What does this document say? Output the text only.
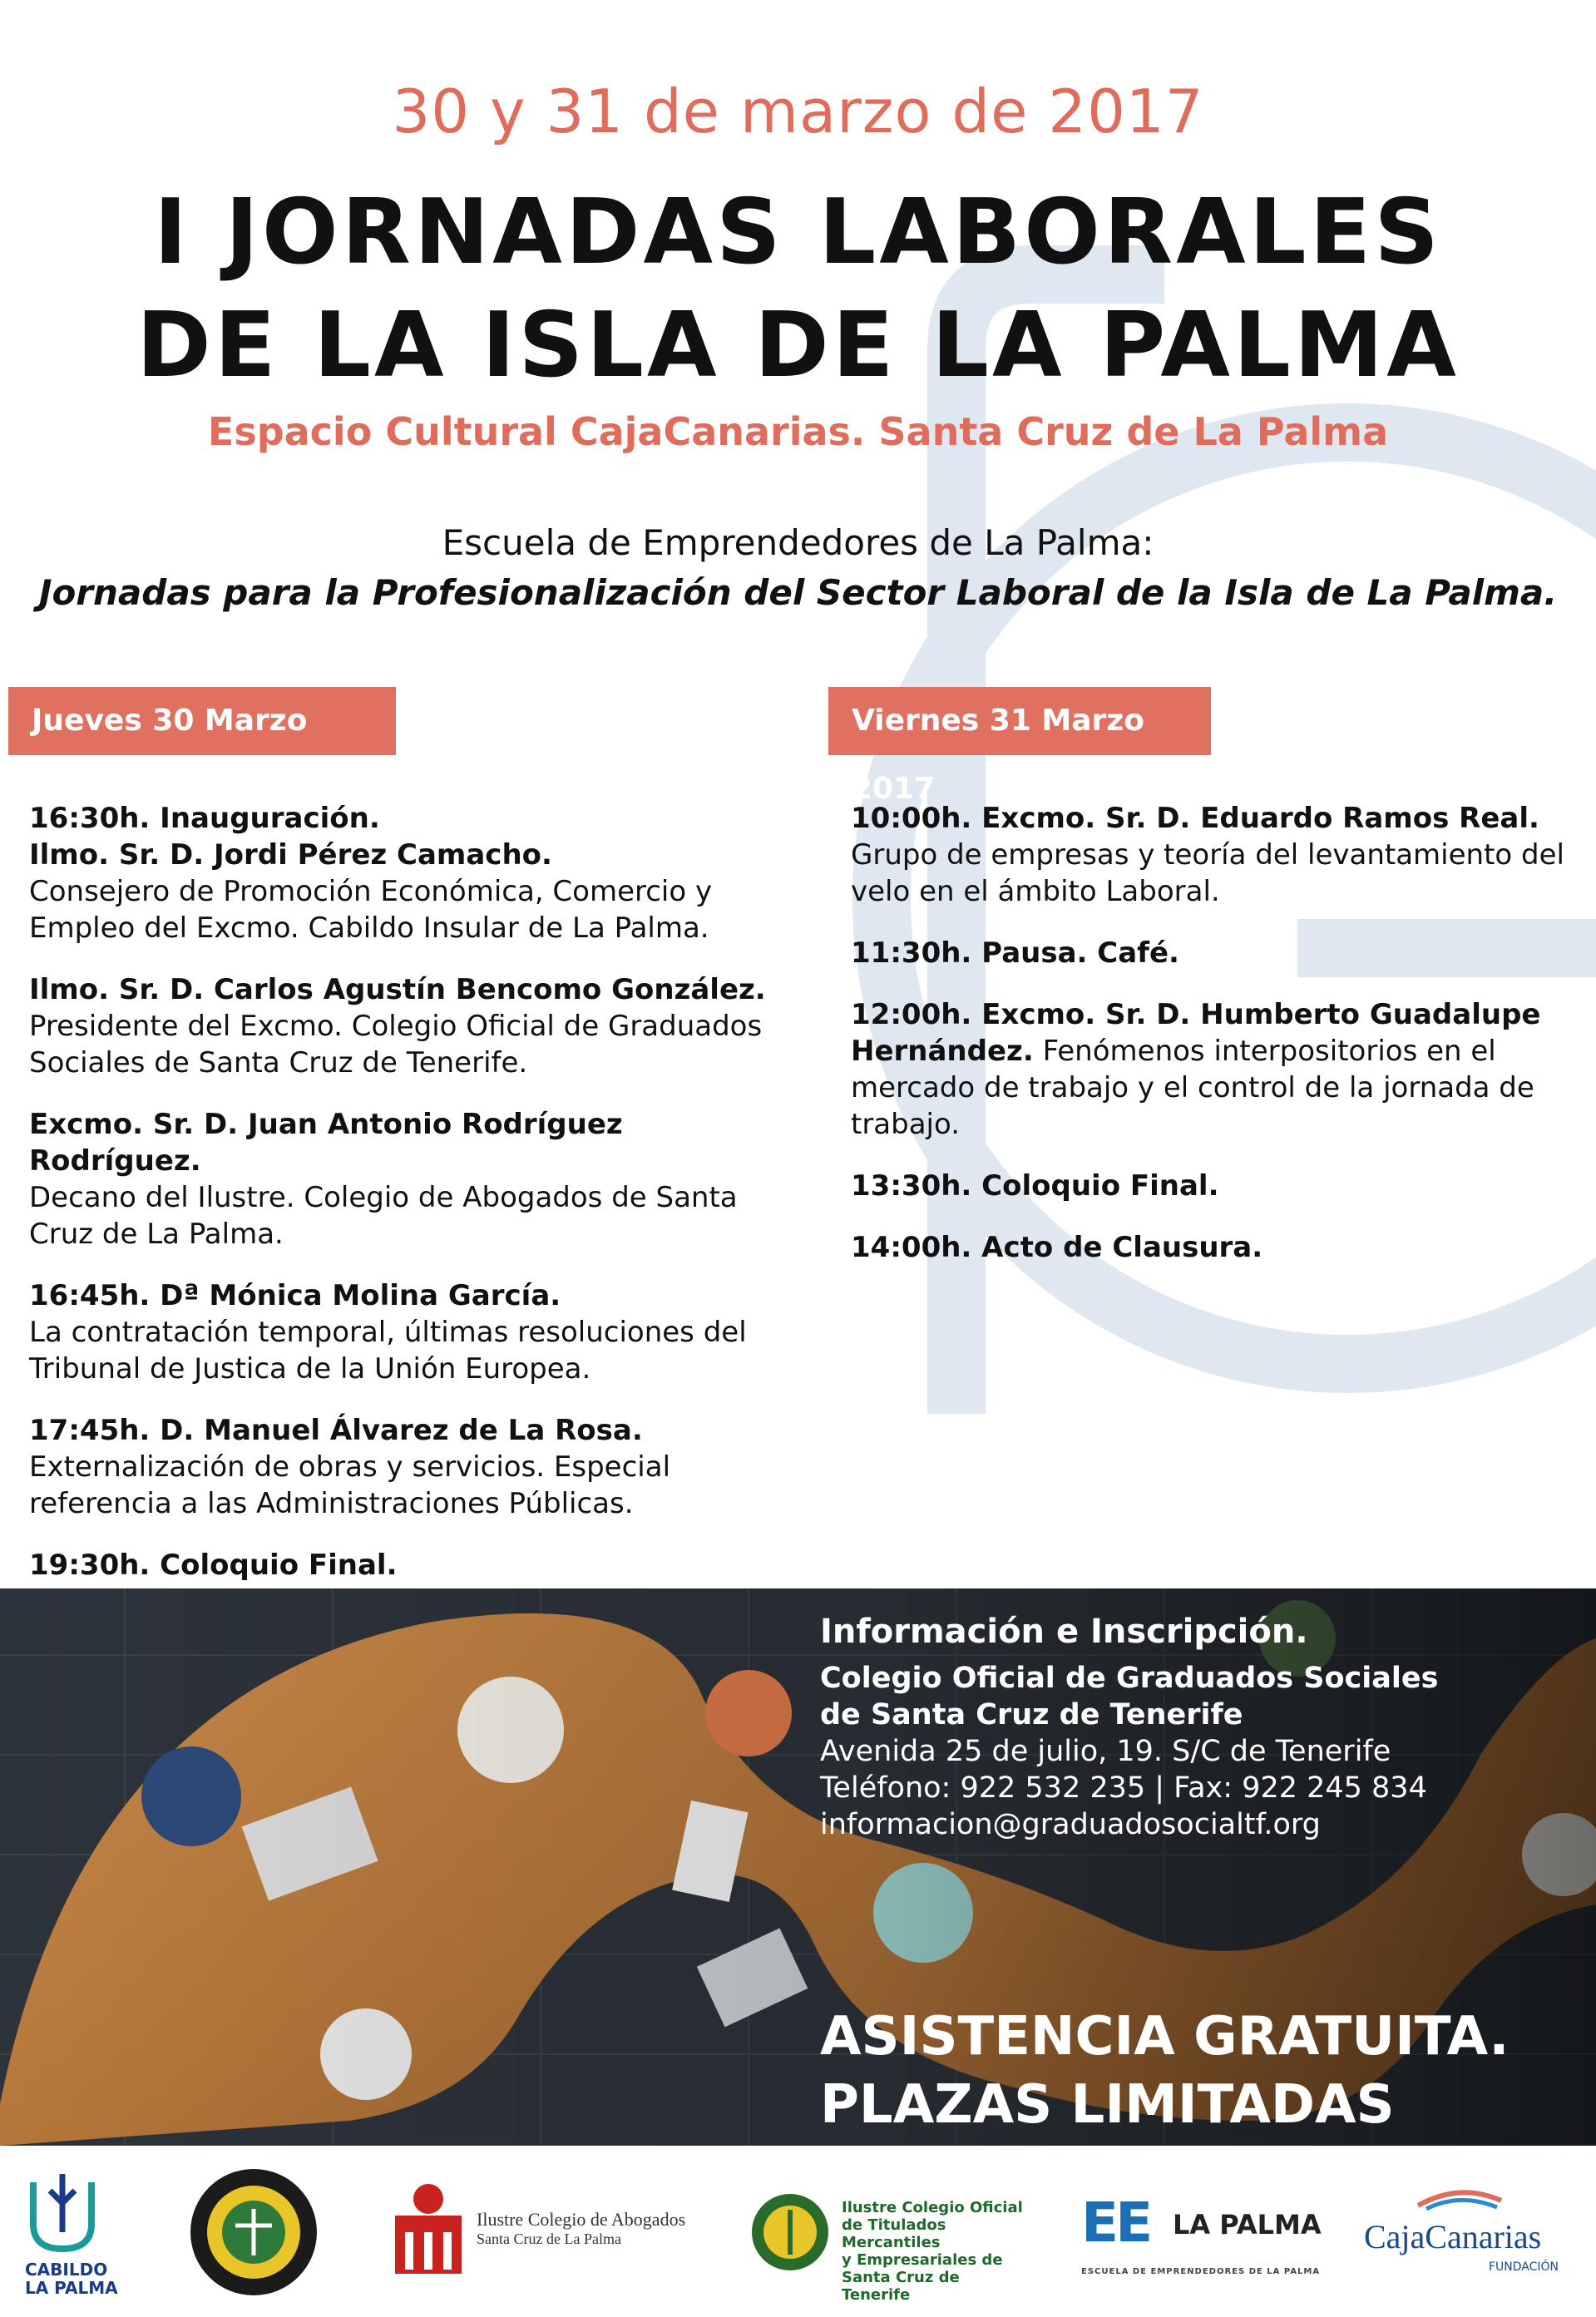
30 y 31 de marzo de 2017
I JORNADAS LABORALES
DE LA ISLA DE LA PALMA
Espacio Cultural CajaCanarias. Santa Cruz de La Palma
Escuela de Emprendedores de La Palma:
Jornadas para la Profesionalización del Sector Laboral de la Isla de La Palma.
Jueves 30 Marzo 2017
Viernes 31 Marzo 2017

16:30h. Inauguración.

Ilmo. Sr. D. Jordi Pérez Camacho.

Consejero de Promoción Económica, Comercio y Empleo del Excmo. Cabildo Insular de La Palma.

Ilmo. Sr. D. Carlos Agustín Bencomo González.

Presidente del Excmo. Colegio Oficial de Graduados Sociales de Santa Cruz de Tenerife.

Excmo. Sr. D. Juan Antonio Rodríguez Rodríguez.

Decano del Ilustre. Colegio de Abogados de Santa Cruz de La Palma.

16:45h. Dª Mónica Molina García.

La contratación temporal, últimas resoluciones del Tribunal de Justica de la Unión Europea.

17:45h. D. Manuel Álvarez de La Rosa.

Externalización de obras y servicios. Especial referencia a las Administraciones Públicas.

19:30h. Coloquio Final.

10:00h. Excmo. Sr. D. Eduardo Ramos Real.

Grupo de empresas y teoría del levantamiento del velo en el ámbito Laboral.

11:30h. Pausa. Café.

12:00h. Excmo. Sr. D. Humberto Guadalupe Hernández. Fenómenos interpositorios en el mercado de trabajo y el control de la jornada de trabajo.

13:30h. Coloquio Final.

14:00h. Acto de Clausura.

Información e Inscripción.

Colegio Oficial de Graduados Sociales

de Santa Cruz de Tenerife

Avenida 25 de julio, 19. S/C de Tenerife

Teléfono: 922 532 235 | Fax: 922 245 834

informacion@graduadosocialtf.org

ASISTENCIA GRATUITA.
PLAZAS LIMITADAS
CABILDO
LA PALMA
Ilustre Colegio de Abogados
Santa Cruz de La Palma
Ilustre Colegio Oficial
de Titulados Mercantiles
y Empresariales de
Santa Cruz de Tenerife
EE LA PALMA
ESCUELA DE EMPRENDEDORES DE LA PALMA
CajaCanarias
FUNDACIÓN
